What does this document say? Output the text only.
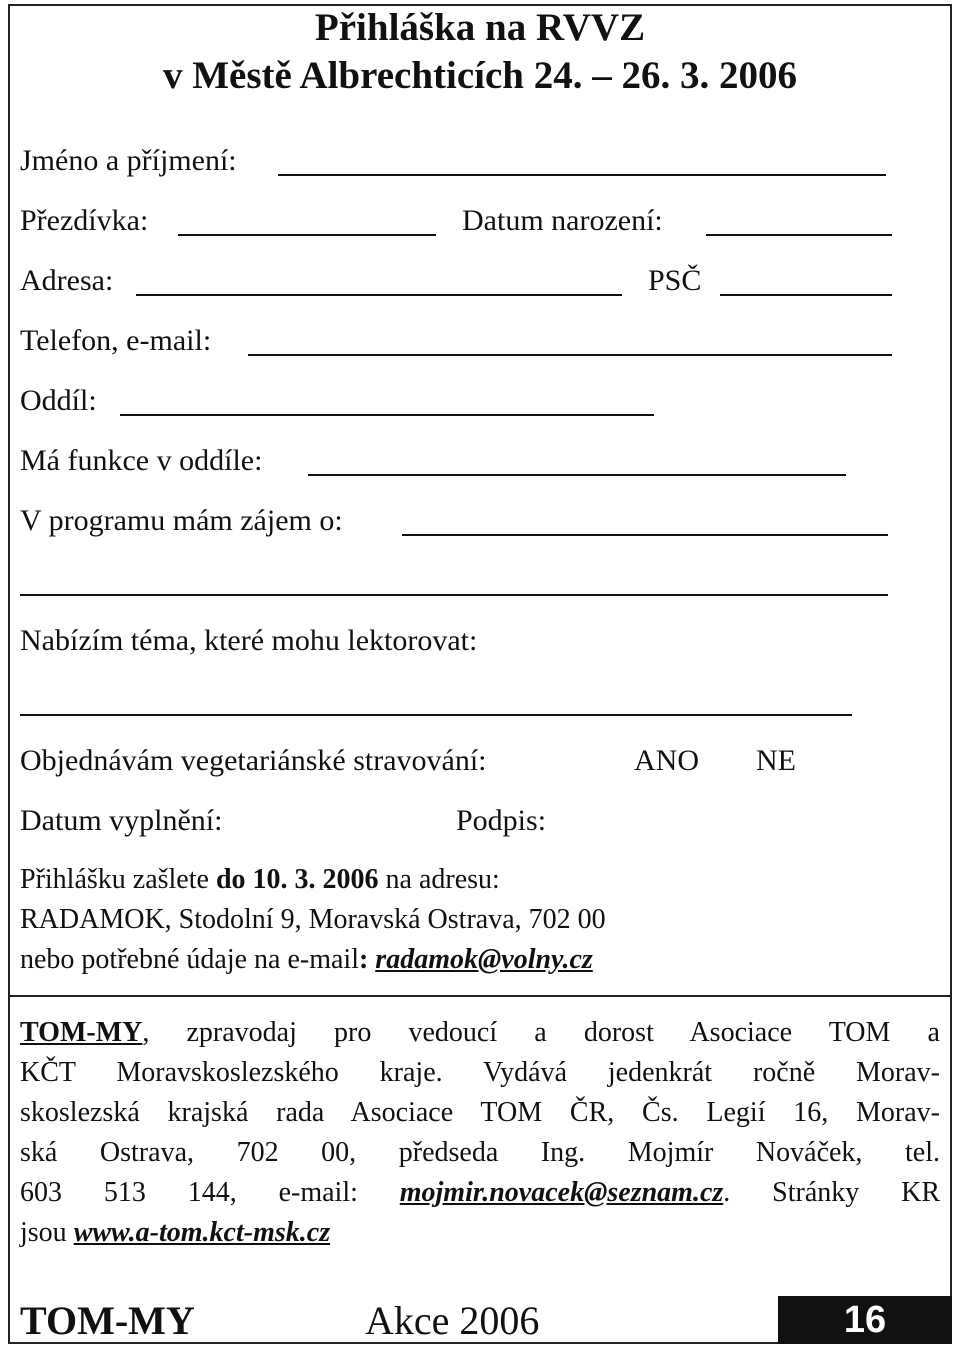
Přihláška na RVVZ
v Městě Albrechticích 24. – 26. 3. 2006
Jméno a příjmení:
Přezdívka:	Datum narození:
Adresa:	PSČ
Telefon, e-mail:
Oddíl:
Má funkce v oddíle:
V programu mám zájem o:
Nabízím téma, které mohu lektorovat:
Objednávám vegetariánské stravování:	ANO NE
Datum vyplnění:	Podpis:
Přihlášku zašlete do 10. 3. 2006 na adresu:
RADAMOK, Stodolní 9, Moravská Ostrava, 702 00
nebo potřebné údaje na e-mail: radamok@volny.cz
TOM-MY, zpravodaj pro vedoucí a dorost Asociace TOM a
KČT Moravskoslezského kraje. Vydává jedenkrát ročně Morav-
skoslezská krajská rada Asociace TOM ČR, Čs. Legií 16, Morav-
ská Ostrava, 702 00, předseda Ing. Mojmír Nováček, tel.
603 513 144, e-mail: mojmir.novacek@seznam.cz. Stránky KR
jsou www.a-tom.kct-msk.cz
TOM-MY	Akce 2006	16
